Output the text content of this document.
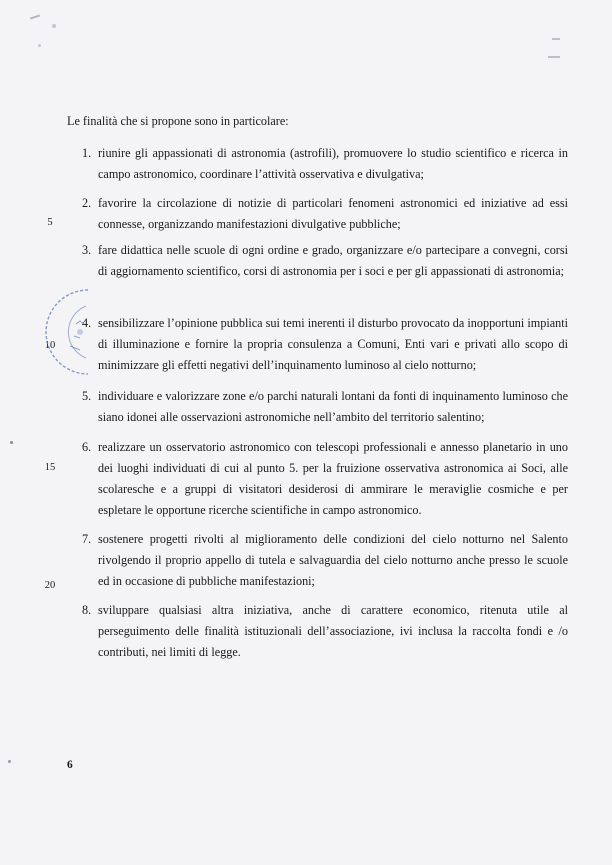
Le finalità che si propone sono in particolare:
1. riunire gli appassionati di astronomia (astrofili), promuovere lo studio scientifico e ricerca in campo astronomico, coordinare l’attività osservativa e divulgativa;
2. favorire la circolazione di notizie di particolari fenomeni astronomici ed iniziative ad essi connesse, organizzando manifestazioni divulgative pubbliche;
3. fare didattica nelle scuole di ogni ordine e grado, organizzare e/o partecipare a convegni, corsi di aggiornamento scientifico, corsi di astronomia per i soci e per gli appassionati di astronomia;
4. sensibilizzare l’opinione pubblica sui temi inerenti il disturbo provocato da inopportuni impianti di illuminazione e fornire la propria consulenza a Comuni, Enti vari e privati allo scopo di minimizzare gli effetti negativi dell’inquinamento luminoso al cielo notturno;
5. individuare e valorizzare zone e/o parchi naturali lontani da fonti di inquinamento luminoso che siano idonei alle osservazioni astronomiche nell’ambito del territorio salentino;
6. realizzare un osservatorio astronomico con telescopi professionali e annesso planetario in uno dei luoghi individuati di cui al punto 5. per la fruizione osservativa astronomica ai Soci, alle scolaresche e a gruppi di visitatori desiderosi di ammirare le meraviglie cosmiche e per espletare le opportune ricerche scientifiche in campo astronomico.
7. sostenere progetti rivolti al miglioramento delle condizioni del cielo notturno nel Salento rivolgendo il proprio appello di tutela e salvaguardia del cielo notturno anche presso le scuole ed in occasione di pubbliche manifestazioni;
8. sviluppare qualsiasi altra iniziativa, anche di carattere economico, ritenuta utile al perseguimento delle finalità istituzionali dell’associazione, ivi inclusa la raccolta fondi e /o contributi, nei limiti di legge.
5
10
15
20
6
